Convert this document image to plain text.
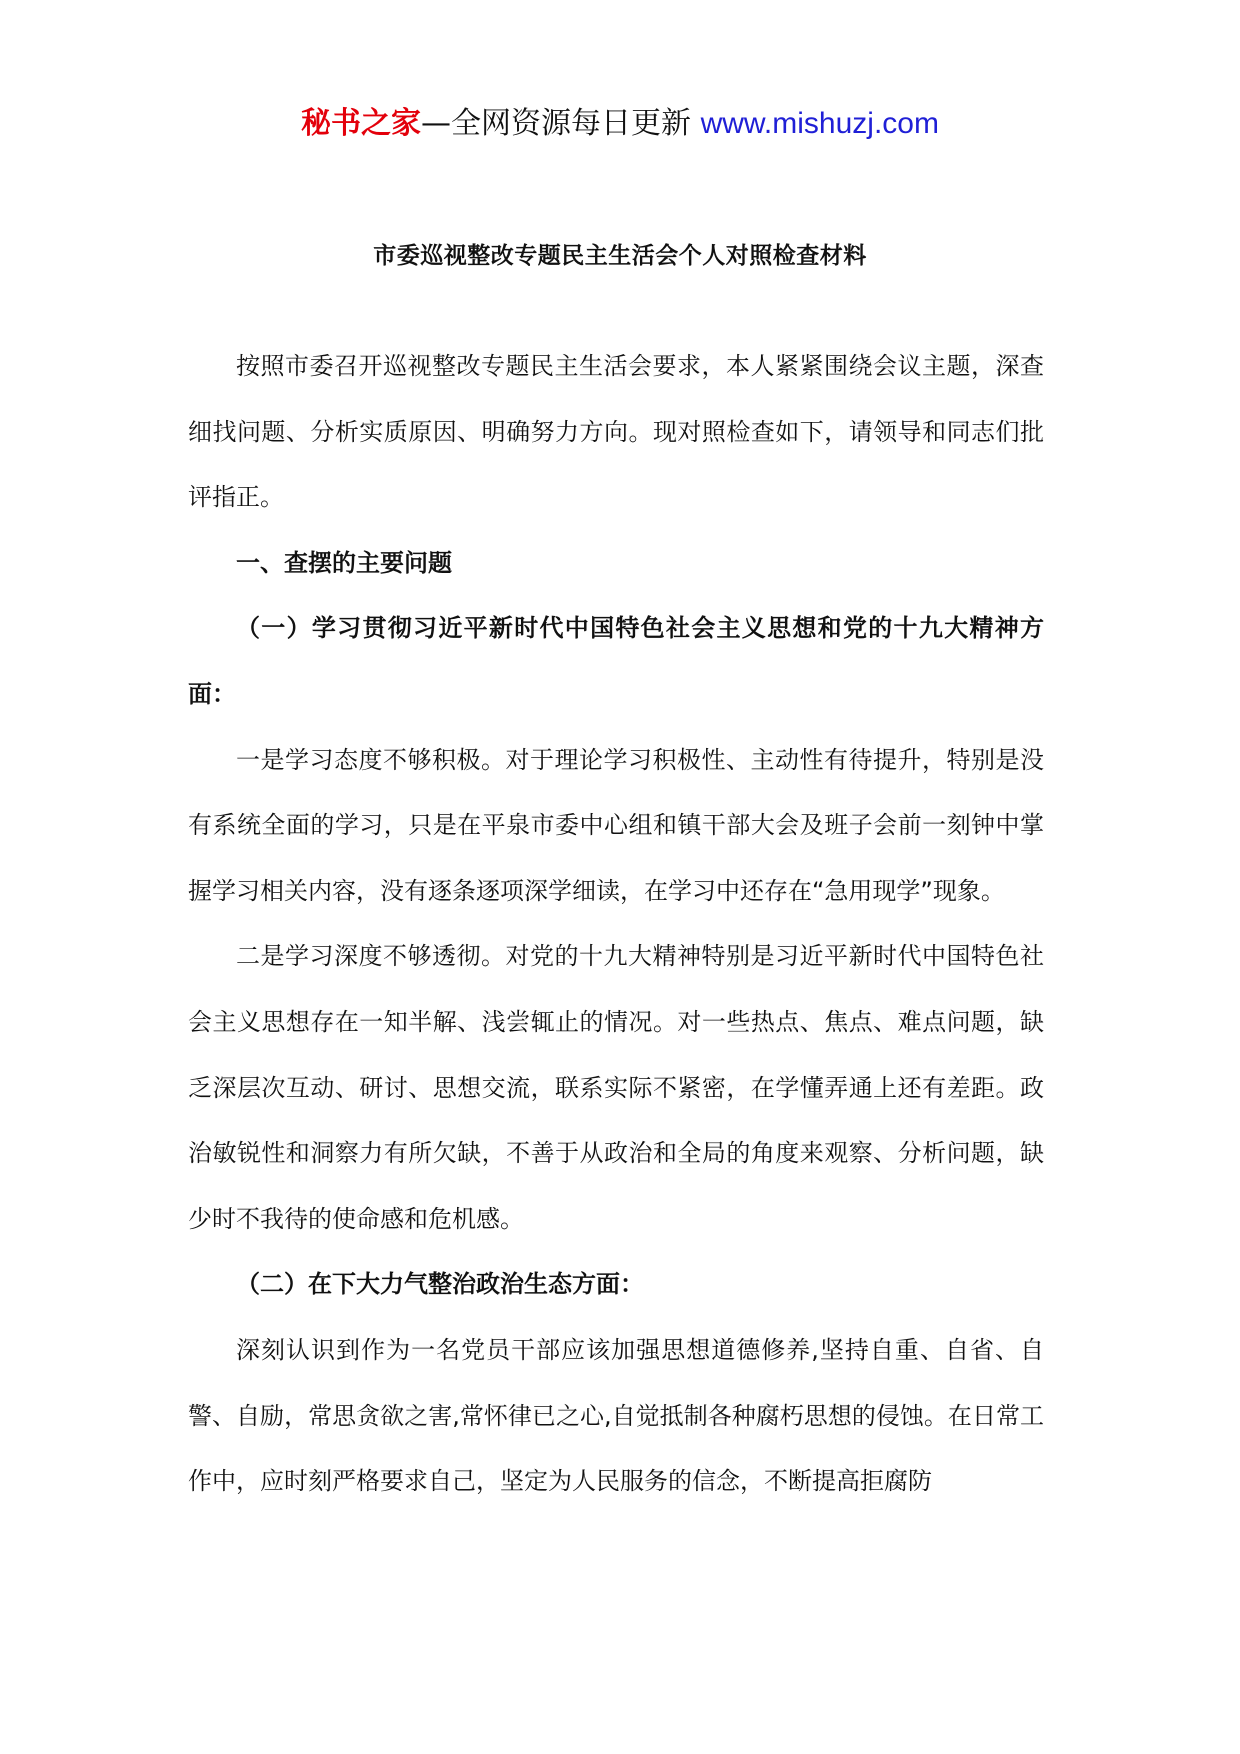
秘书之家—全网资源每日更新 www.mishuzj.com
市委巡视整改专题民主生活会个人对照检查材料

按照市委召开巡视整改专题民主生活会要求，本人紧紧围绕会议主题，深查细找问题、分析实质原因、明确努力方向。现对照检查如下，请领导和同志们批评指正。

一、查摆的主要问题

（一）学习贯彻习近平新时代中国特色社会主义思想和党的十九大精神方面：

一是学习态度不够积极。对于理论学习积极性、主动性有待提升，特别是没有系统全面的学习，只是在平泉市委中心组和镇干部大会及班子会前一刻钟中掌握学习相关内容，没有逐条逐项深学细读，在学习中还存在“急用现学”现象。

二是学习深度不够透彻。对党的十九大精神特别是习近平新时代中国特色社会主义思想存在一知半解、浅尝辄止的情况。对一些热点、焦点、难点问题，缺乏深层次互动、研讨、思想交流，联系实际不紧密，在学懂弄通上还有差距。政治敏锐性和洞察力有所欠缺，不善于从政治和全局的角度来观察、分析问题，缺少时不我待的使命感和危机感。

（二）在下大力气整治政治生态方面：

深刻认识到作为一名党员干部应该加强思想道德修养,坚持自重、自省、自警、自励，常思贪欲之害,常怀律已之心,自觉抵制各种腐朽思想的侵蚀。在日常工作中，应时刻严格要求自己，坚定为人民服务的信念，不断提高拒腐防
